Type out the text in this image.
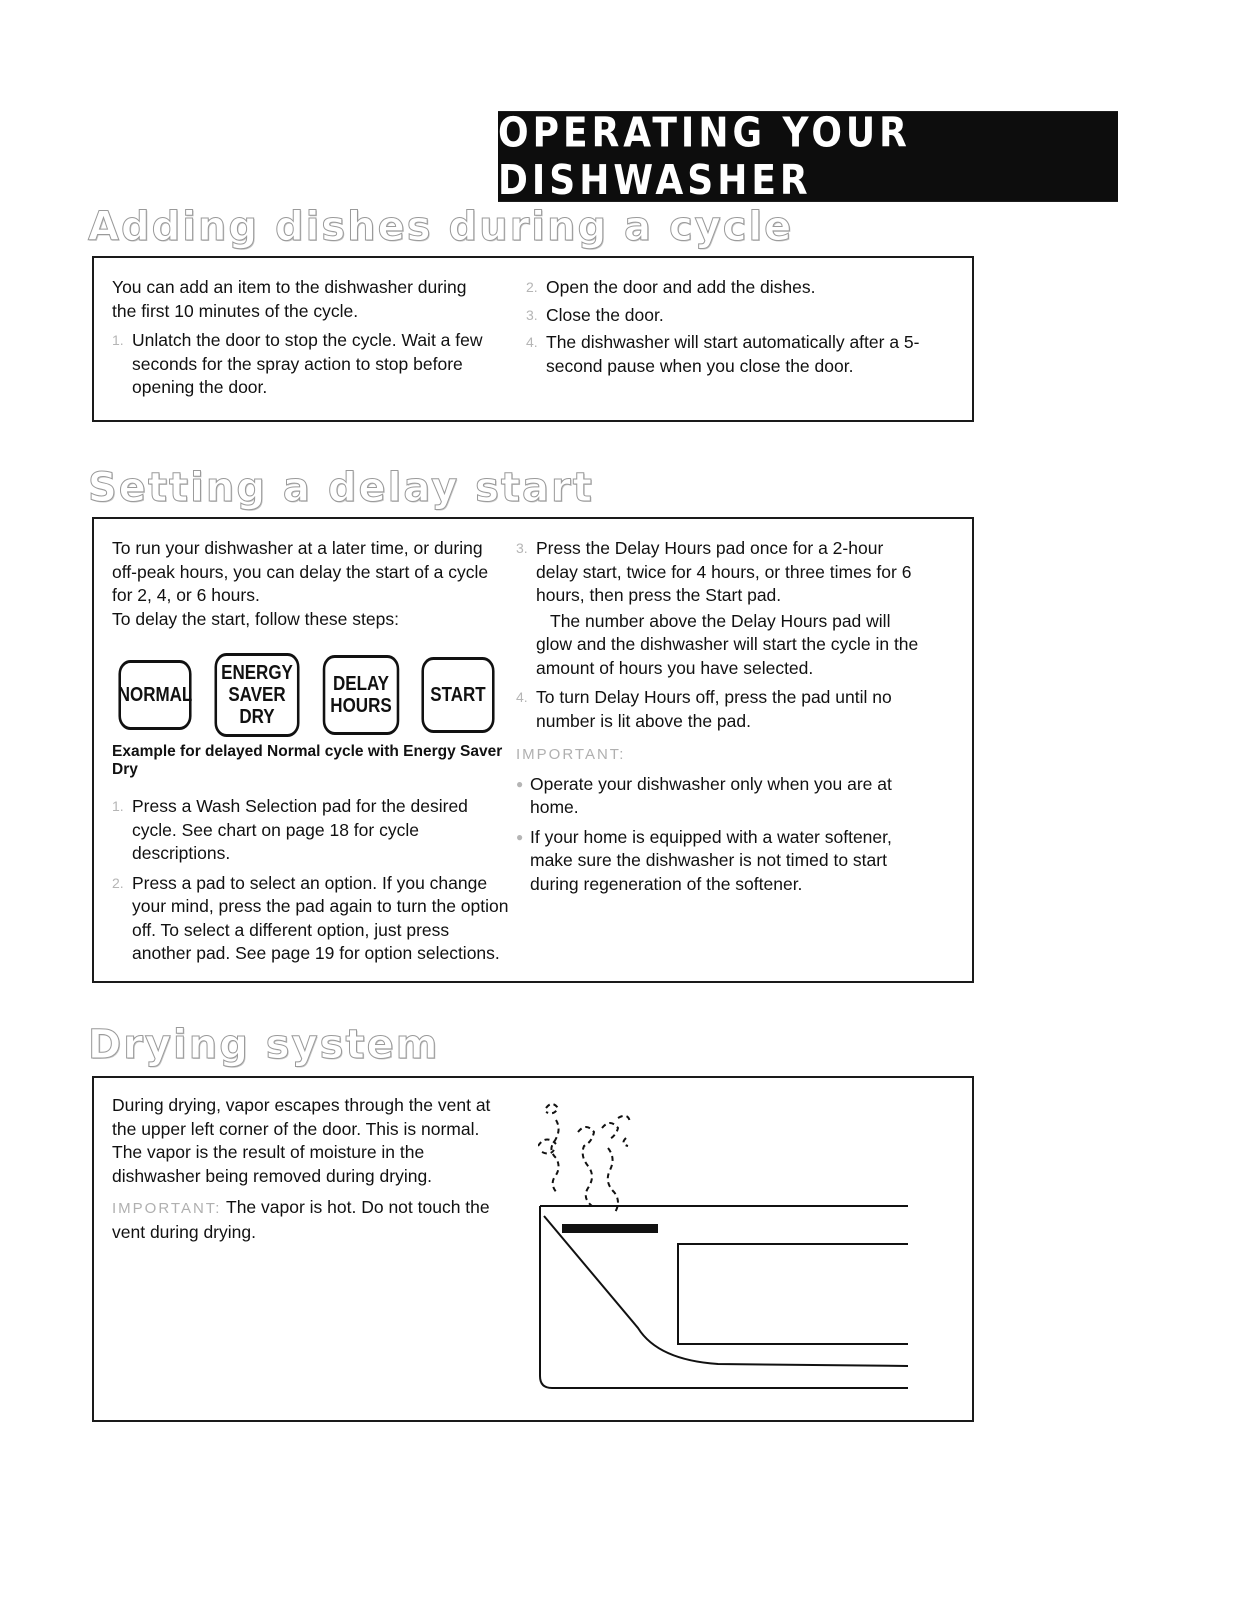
OPERATING YOUR DISHWASHER
Adding dishes during a cycle

You can add an item to the dishwasher during the first 10 minutes of the cycle.

1. Unlatch the door to stop the cycle. Wait a few seconds for the spray action to stop before opening the door.
2. Open the door and add the dishes.
3. Close the door.
4. The dishwasher will start automatically after a 5-second pause when you close the door.
Setting a delay start

To run your dishwasher at a later time, or during off-peak hours, you can delay the start of a cycle for 2, 4, or 6 hours.

To delay the start, follow these steps:

NORMAL
ENERGY
SAVER
DRY
DELAY
HOURS START
Example for delayed Normal cycle with Energy Saver Dry
1. Press a Wash Selection pad for the desired cycle. See chart on page 18 for cycle descriptions.
2. Press a pad to select an option. If you change your mind, press the pad again to turn the option off. To select a different option, just press another pad. See page 19 for option selections.
3. Press the Delay Hours pad once for a 2-hour delay start, twice for 4 hours, or three times for 6 hours, then press the Start pad.

The number above the Delay Hours pad will glow and the dishwasher will start the cycle in the amount of hours you have selected.

4. To turn Delay Hours off, press the pad until no number is lit above the pad.

IMPORTANT:

● Operate your dishwasher only when you are at home.
● If your home is equipped with a water softener, make sure the dishwasher is not timed to start during regeneration of the softener.
Drying system

During drying, vapor escapes through the vent at the upper left corner of the door. This is normal. The vapor is the result of moisture in the dishwasher being removed during drying.

IMPORTANT: The vapor is hot. Do not touch the vent during drying.
